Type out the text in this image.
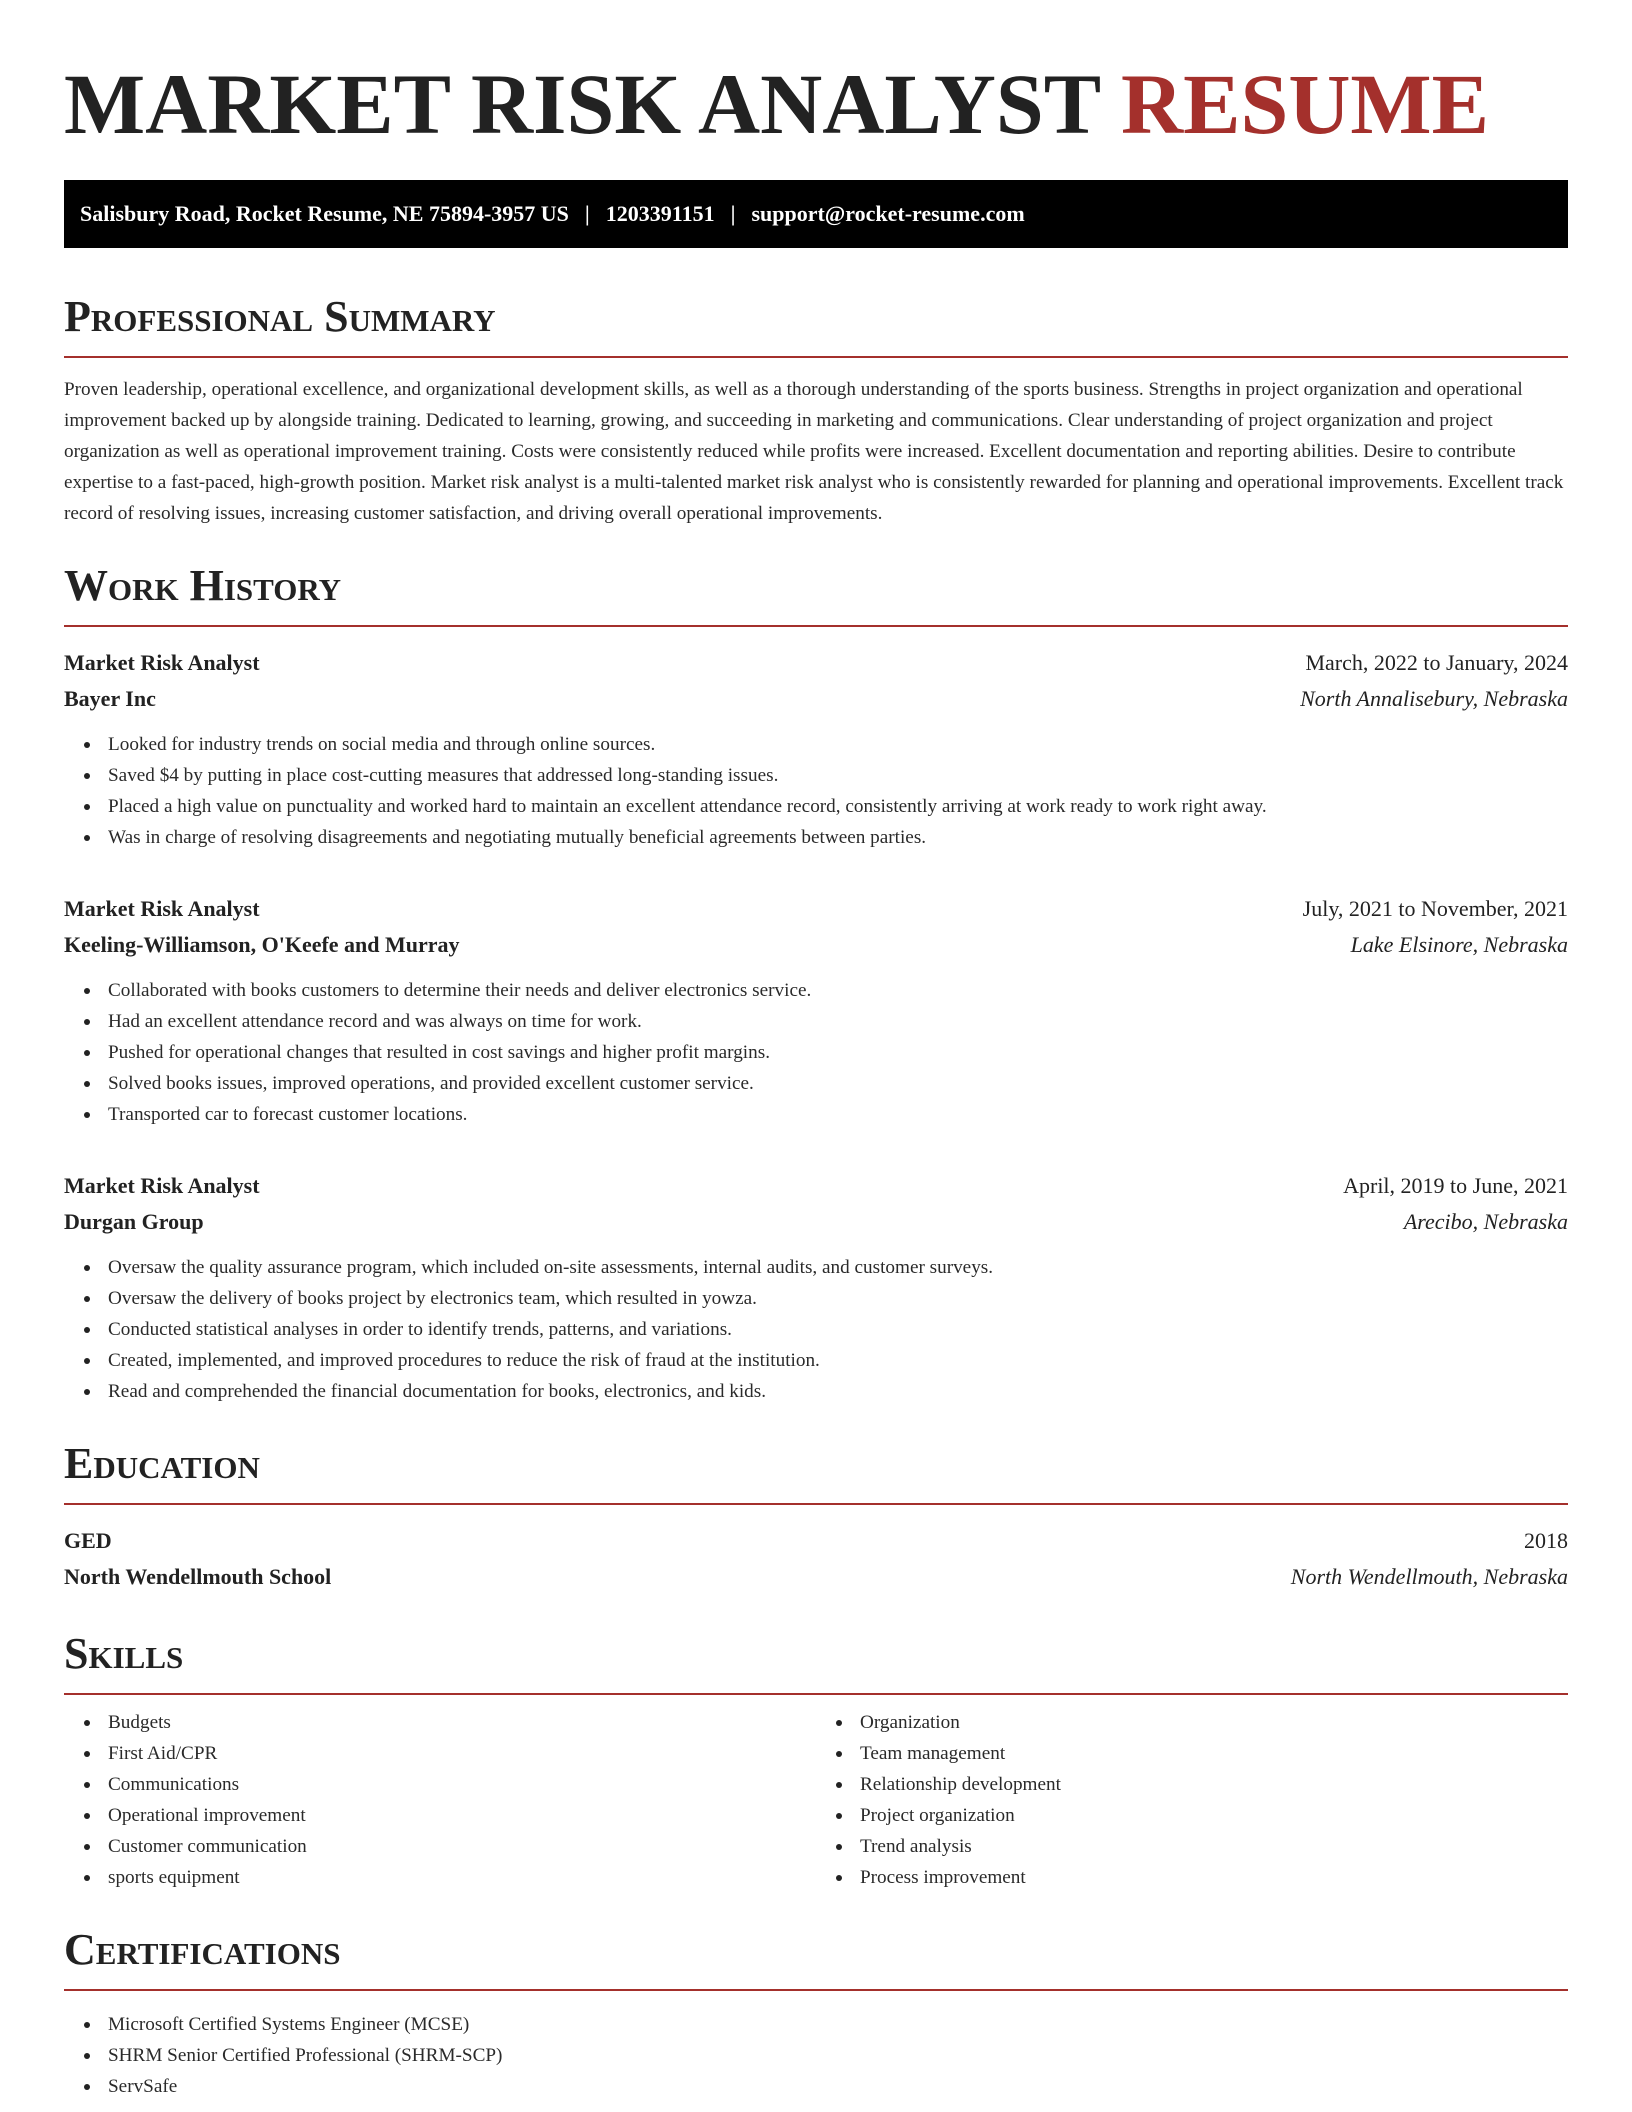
MARKET RISK ANALYST RESUME
Salisbury Road, Rocket Resume, NE 75894-3957 US | 1203391151 | support@rocket-resume.com
Professional Summary

Proven leadership, operational excellence, and organizational development skills, as well as a thorough understanding of the sports business. Strengths in project organization and operational improvement backed up by alongside training. Dedicated to learning, growing, and succeeding in marketing and communications. Clear understanding of project organization and project organization as well as operational improvement training. Costs were consistently reduced while profits were increased. Excellent documentation and reporting abilities. Desire to contribute expertise to a fast-paced, high-growth position. Market risk analyst is a multi-talented market risk analyst who is consistently rewarded for planning and operational improvements. Excellent track record of resolving issues, increasing customer satisfaction, and driving overall operational improvements.

Work History
Market Risk Analyst	March, 2022 to January, 2024
Bayer Inc	North Annalisebury, Nebraska
Looked for industry trends on social media and through online sources.
Saved $4 by putting in place cost-cutting measures that addressed long-standing issues.
Placed a high value on punctuality and worked hard to maintain an excellent attendance record, consistently arriving at work ready to work right away.
Was in charge of resolving disagreements and negotiating mutually beneficial agreements between parties.
Market Risk Analyst	July, 2021 to November, 2021
Keeling-Williamson, O'Keefe and Murray	Lake Elsinore, Nebraska
Collaborated with books customers to determine their needs and deliver electronics service.
Had an excellent attendance record and was always on time for work.
Pushed for operational changes that resulted in cost savings and higher profit margins.
Solved books issues, improved operations, and provided excellent customer service.
Transported car to forecast customer locations.
Market Risk Analyst	April, 2019 to June, 2021
Durgan Group	Arecibo, Nebraska
Oversaw the quality assurance program, which included on-site assessments, internal audits, and customer surveys.
Oversaw the delivery of books project by electronics team, which resulted in yowza.
Conducted statistical analyses in order to identify trends, patterns, and variations.
Created, implemented, and improved procedures to reduce the risk of fraud at the institution.
Read and comprehended the financial documentation for books, electronics, and kids.
Education
GED	2018
North Wendellmouth School	North Wendellmouth, Nebraska
Skills
Budgets
First Aid/CPR
Communications
Operational improvement
Customer communication
sports equipment
Organization
Team management
Relationship development
Project organization
Trend analysis
Process improvement
Certifications
Microsoft Certified Systems Engineer (MCSE)
SHRM Senior Certified Professional (SHRM-SCP)
ServSafe
